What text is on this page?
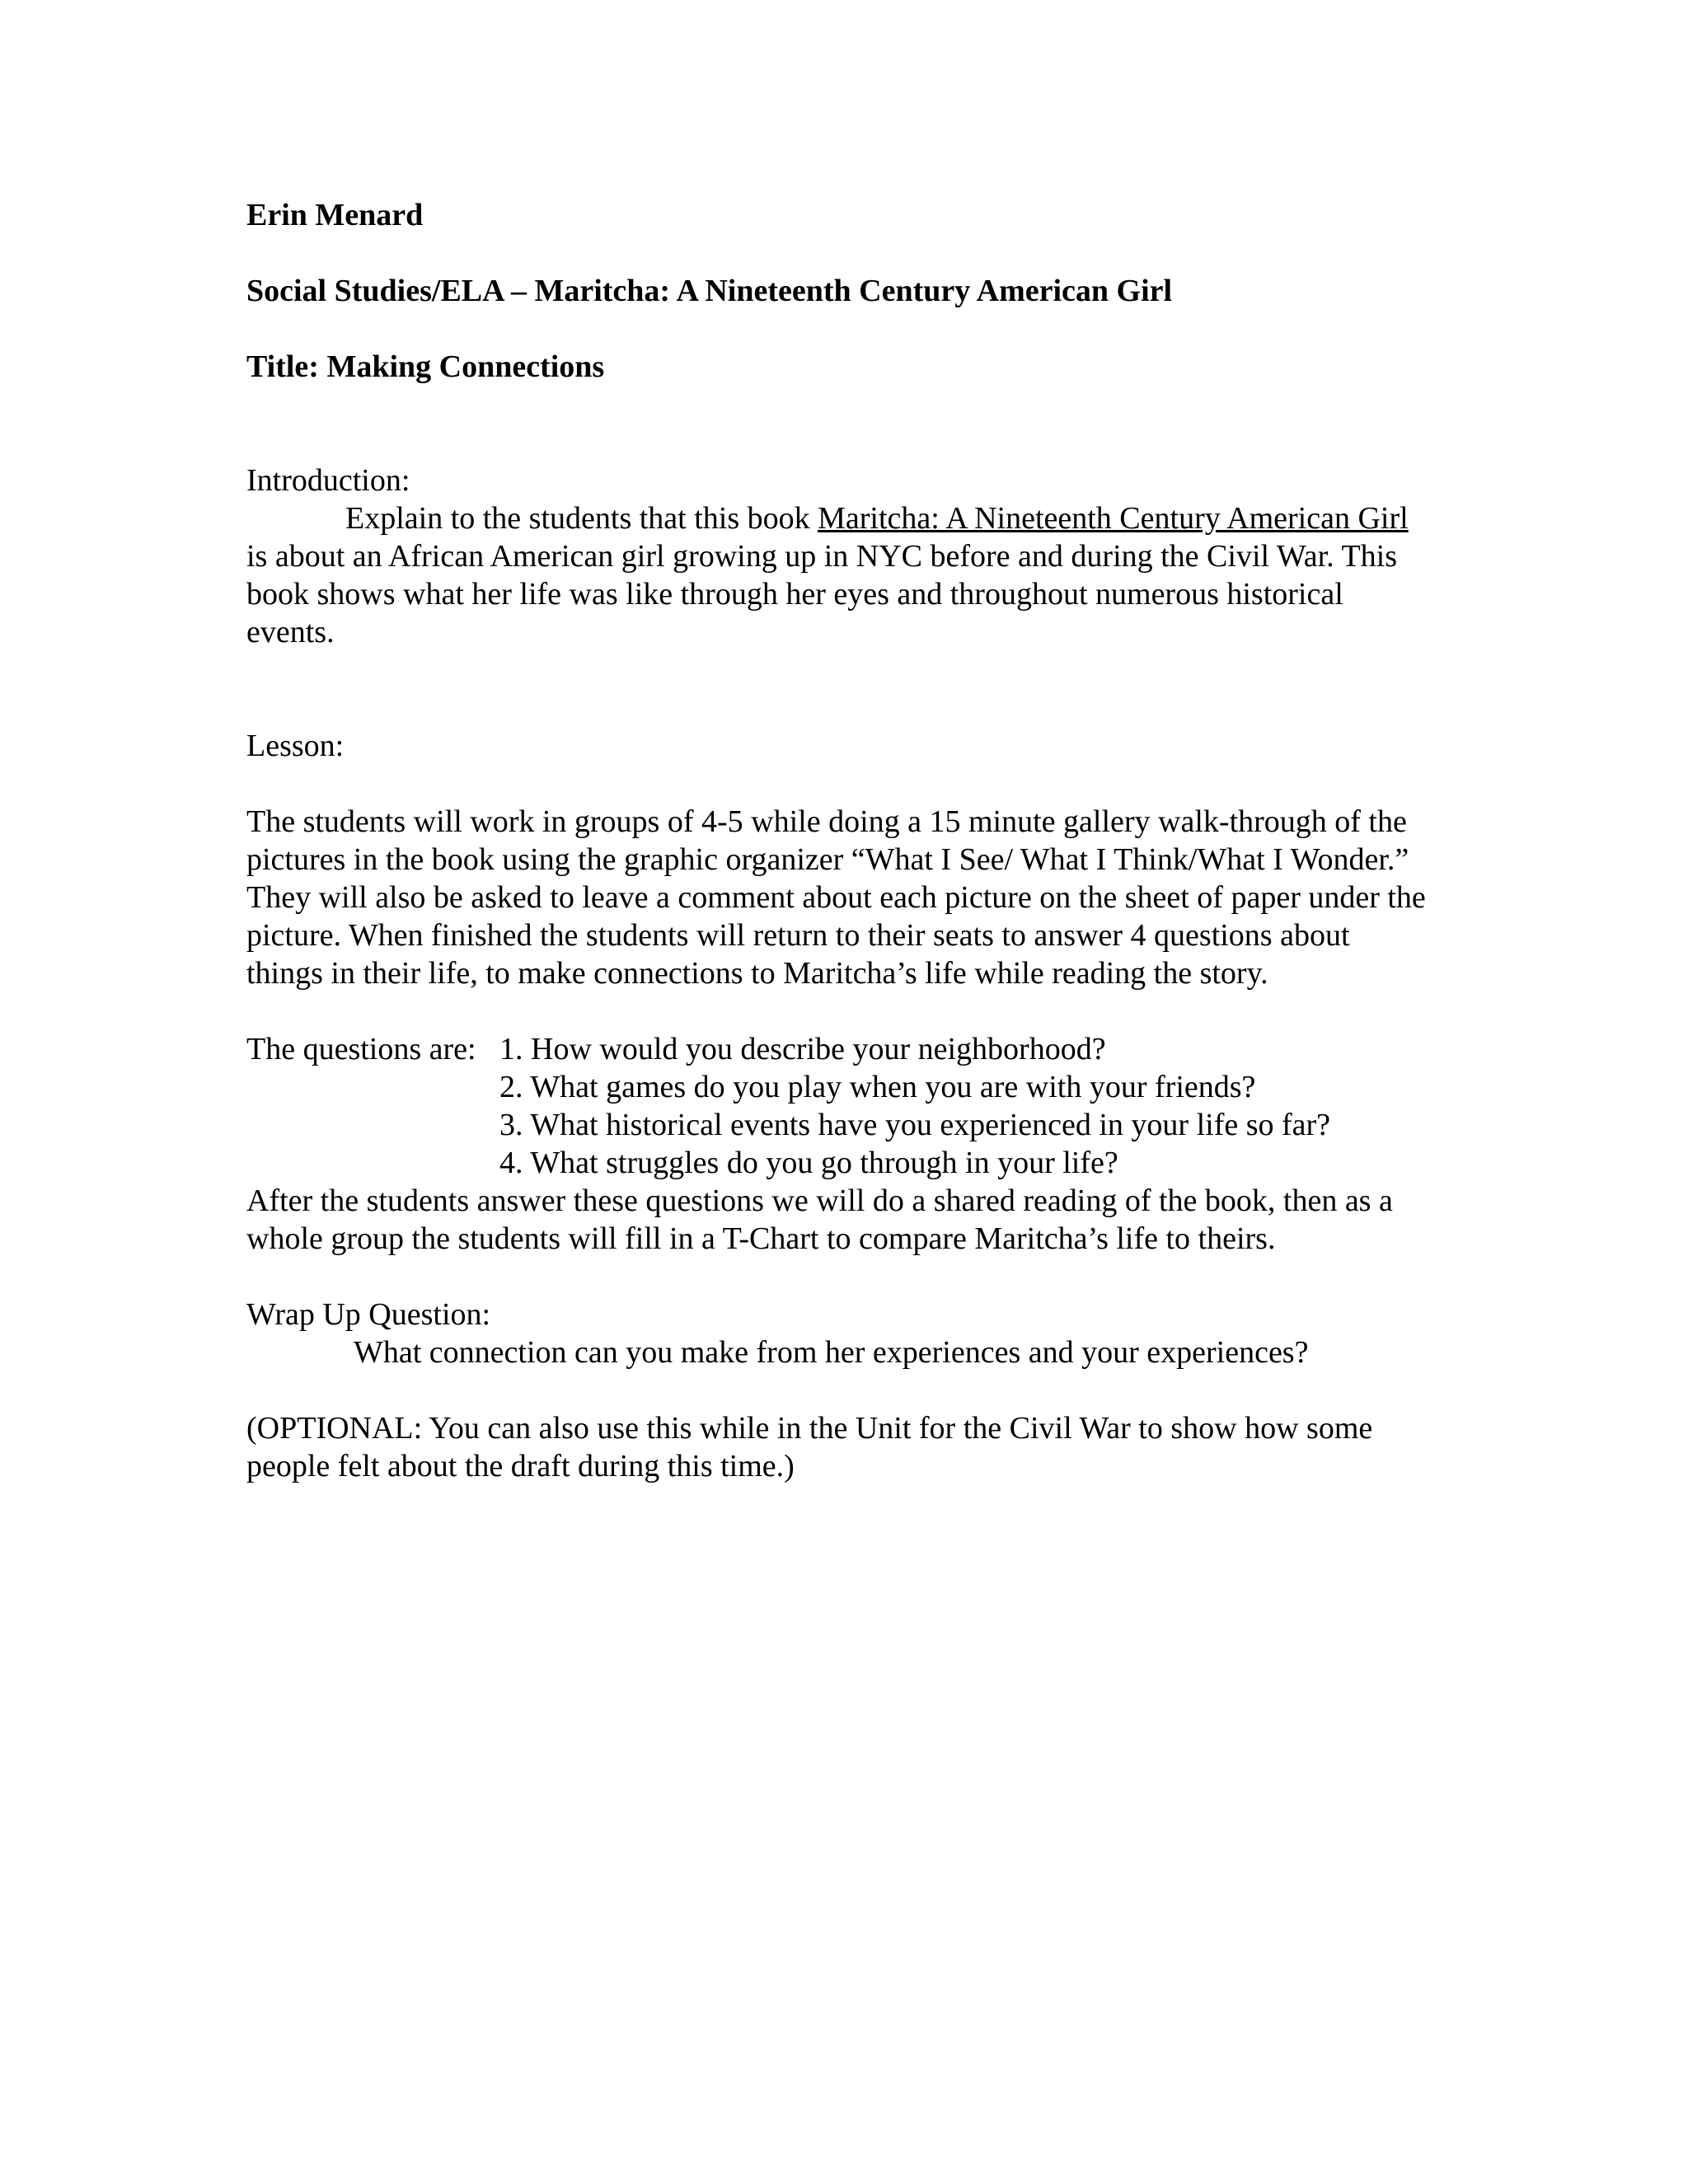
Erin Menard

Social Studies/ELA – Maritcha: A Nineteenth Century American Girl

Title: Making Connections

Introduction:

Explain to the students that this book Maritcha: A Nineteenth Century American Girl is about an African American girl growing up in NYC before and during the Civil War. This book shows what her life was like through her eyes and throughout numerous historical events.

Lesson:

The students will work in groups of 4-5 while doing a 15 minute gallery walk-through of the pictures in the book using the graphic organizer “What I See/ What I Think/What I Wonder.” They will also be asked to leave a comment about each picture on the sheet of paper under the picture. When finished the students will return to their seats to answer 4 questions about things in their life, to make connections to Maritcha’s life while reading the story.

The questions are: 1. How would you describe your neighborhood?
2. What games do you play when you are with your friends?
3. What historical events have you experienced in your life so far?
4. What struggles do you go through in your life?

After the students answer these questions we will do a shared reading of the book, then as a whole group the students will fill in a T-Chart to compare Maritcha’s life to theirs.

Wrap Up Question:

What connection can you make from her experiences and your experiences?

(OPTIONAL: You can also use this while in the Unit for the Civil War to show how some people felt about the draft during this time.)
